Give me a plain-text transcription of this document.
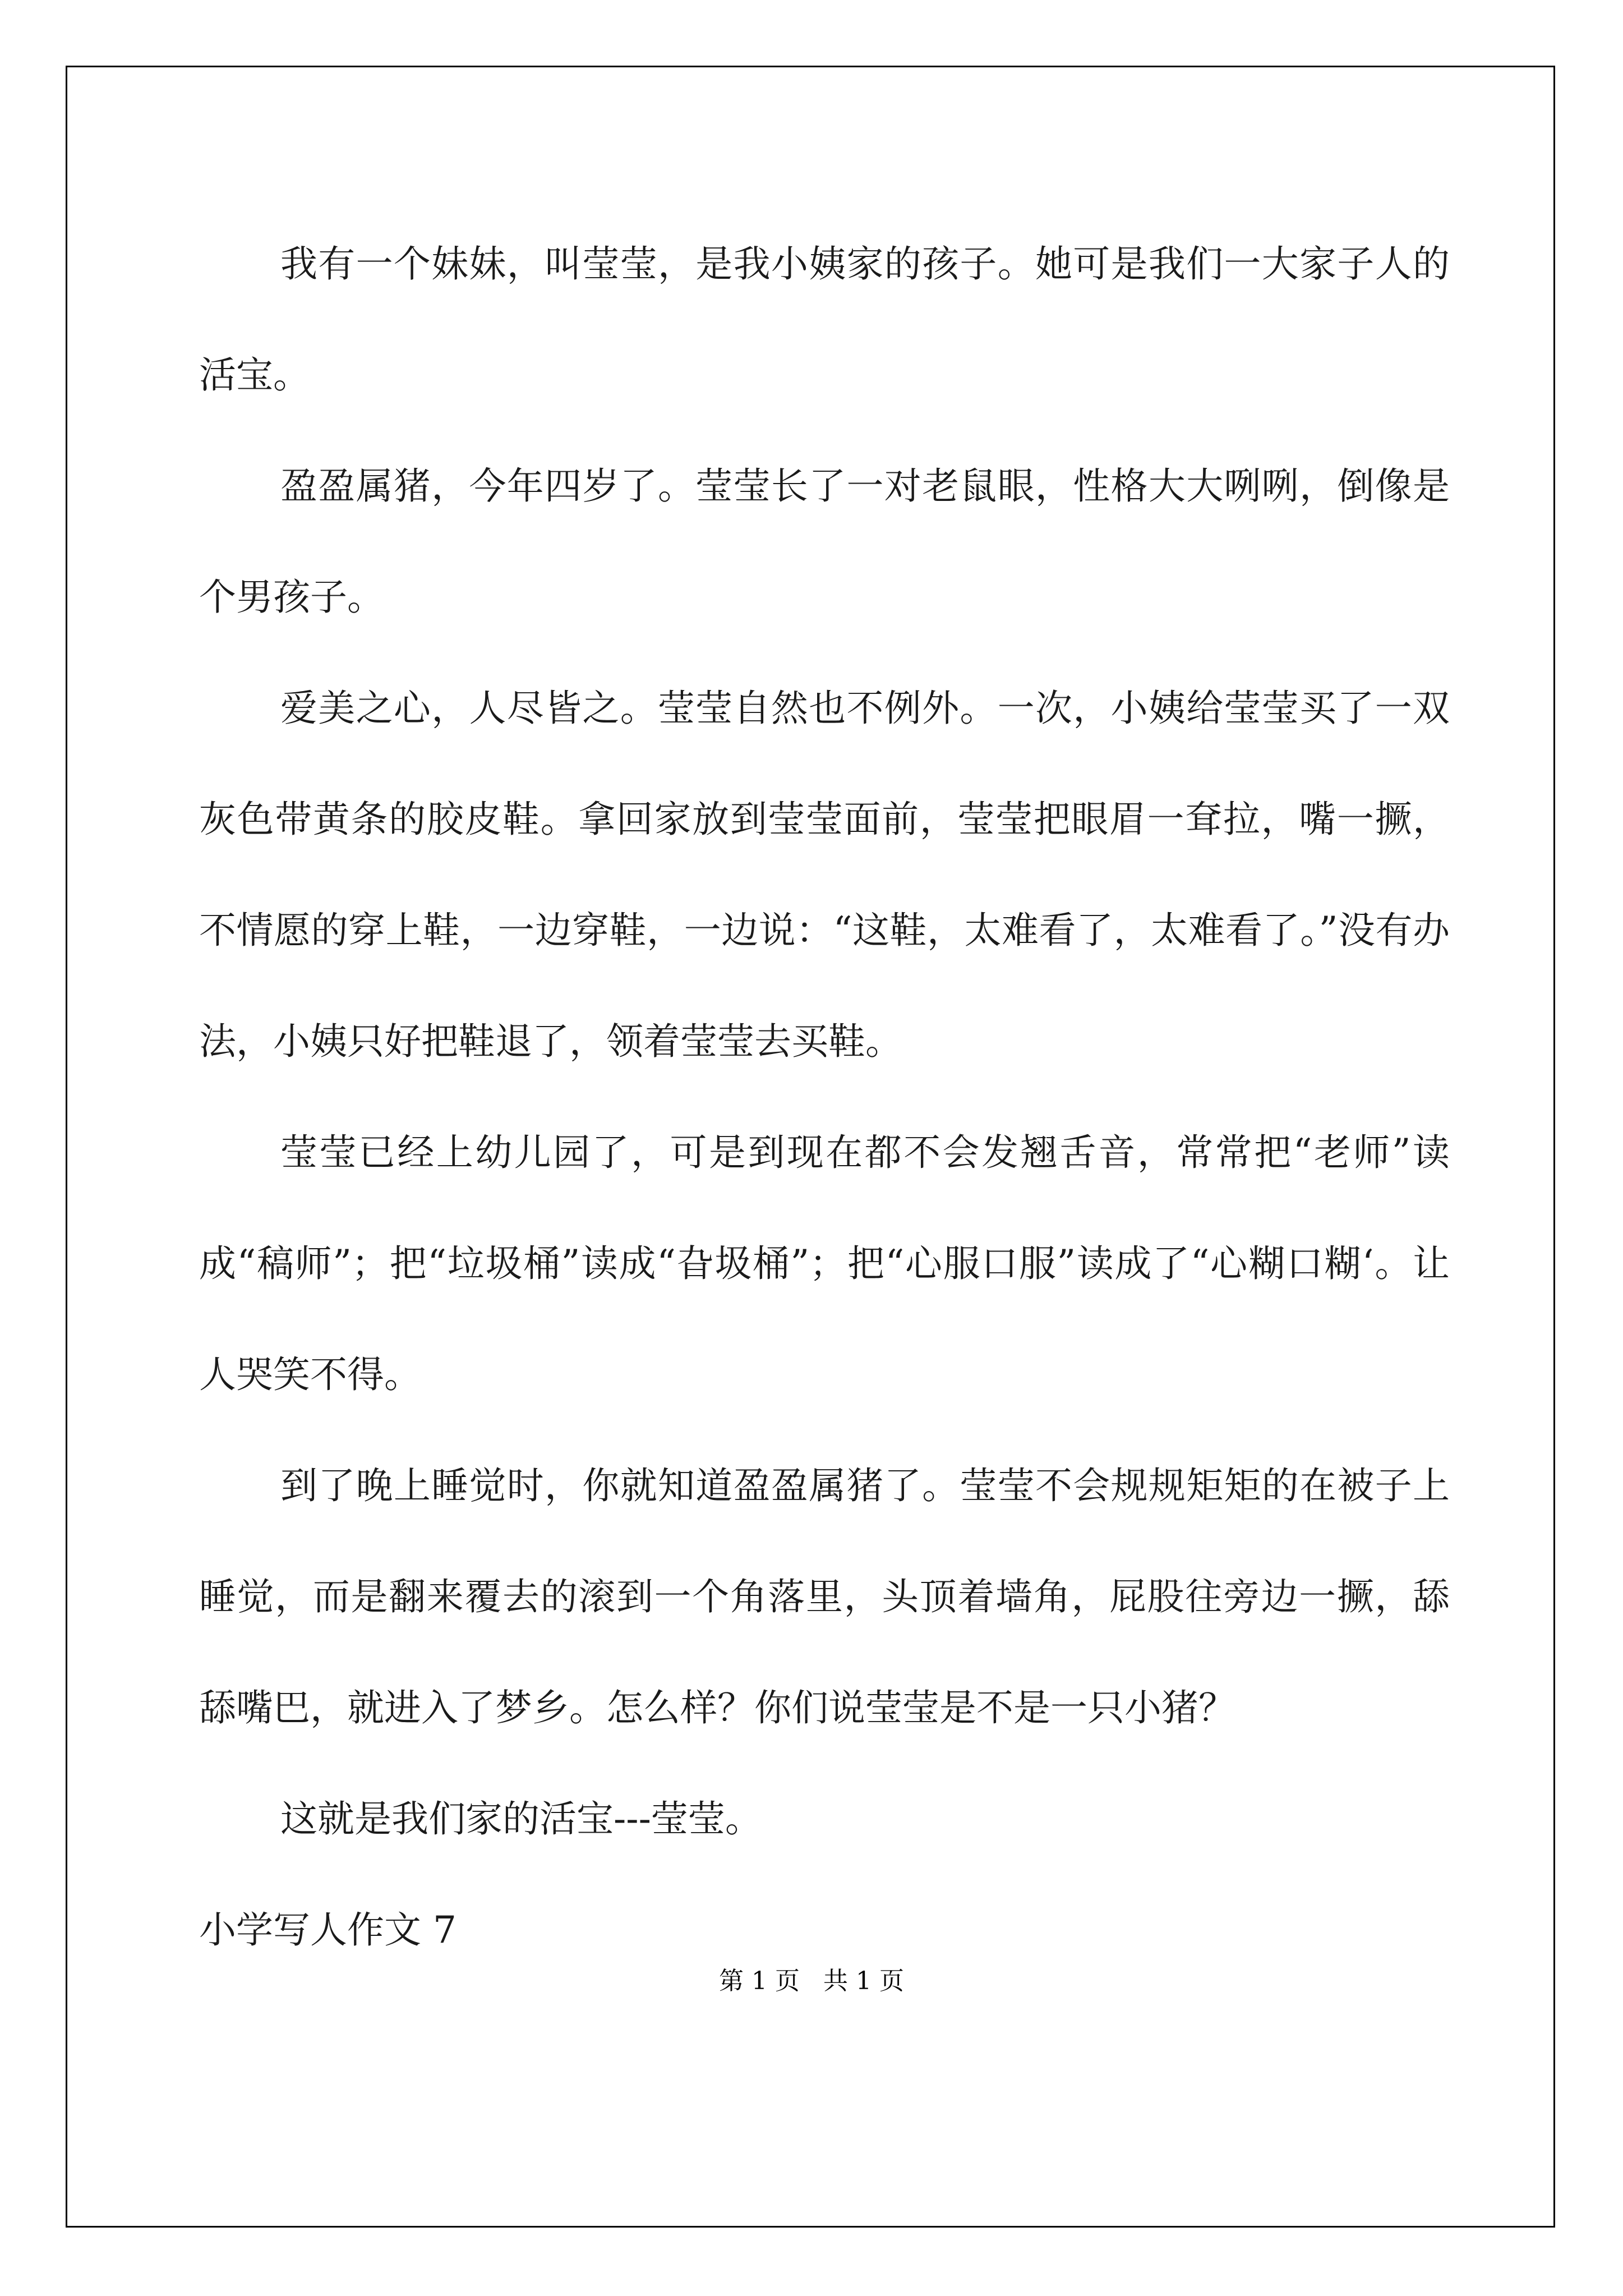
我有一个妹妹，叫莹莹，是我小姨家的孩子。她可是我们一大家子人的活宝。

盈盈属猪，今年四岁了。莹莹长了一对老鼠眼，性格大大咧咧，倒像是个男孩子。

爱美之心，人尽皆之。莹莹自然也不例外。一次，小姨给莹莹买了一双灰色带黄条的胶皮鞋。拿回家放到莹莹面前，莹莹把眼眉一耷拉，嘴一撅，不情愿的穿上鞋，一边穿鞋，一边说：“这鞋，太难看了，太难看了。”没有办法，小姨只好把鞋退了，领着莹莹去买鞋。

莹莹已经上幼儿园了，可是到现在都不会发翘舌音，常常把“老师”读成“稿师”；把“垃圾桶”读成“旮圾桶”；把“心服口服”读成了“心糊口糊‘。让人哭笑不得。

到了晚上睡觉时，你就知道盈盈属猪了。莹莹不会规规矩矩的在被子上睡觉，而是翻来覆去的滚到一个角落里，头顶着墙角，屁股往旁边一撅，舔舔嘴巴，就进入了梦乡。怎么样？你们说莹莹是不是一只小猪？

这就是我们家的活宝---莹莹。

小学写人作文 7

第 1 页   共 1 页
